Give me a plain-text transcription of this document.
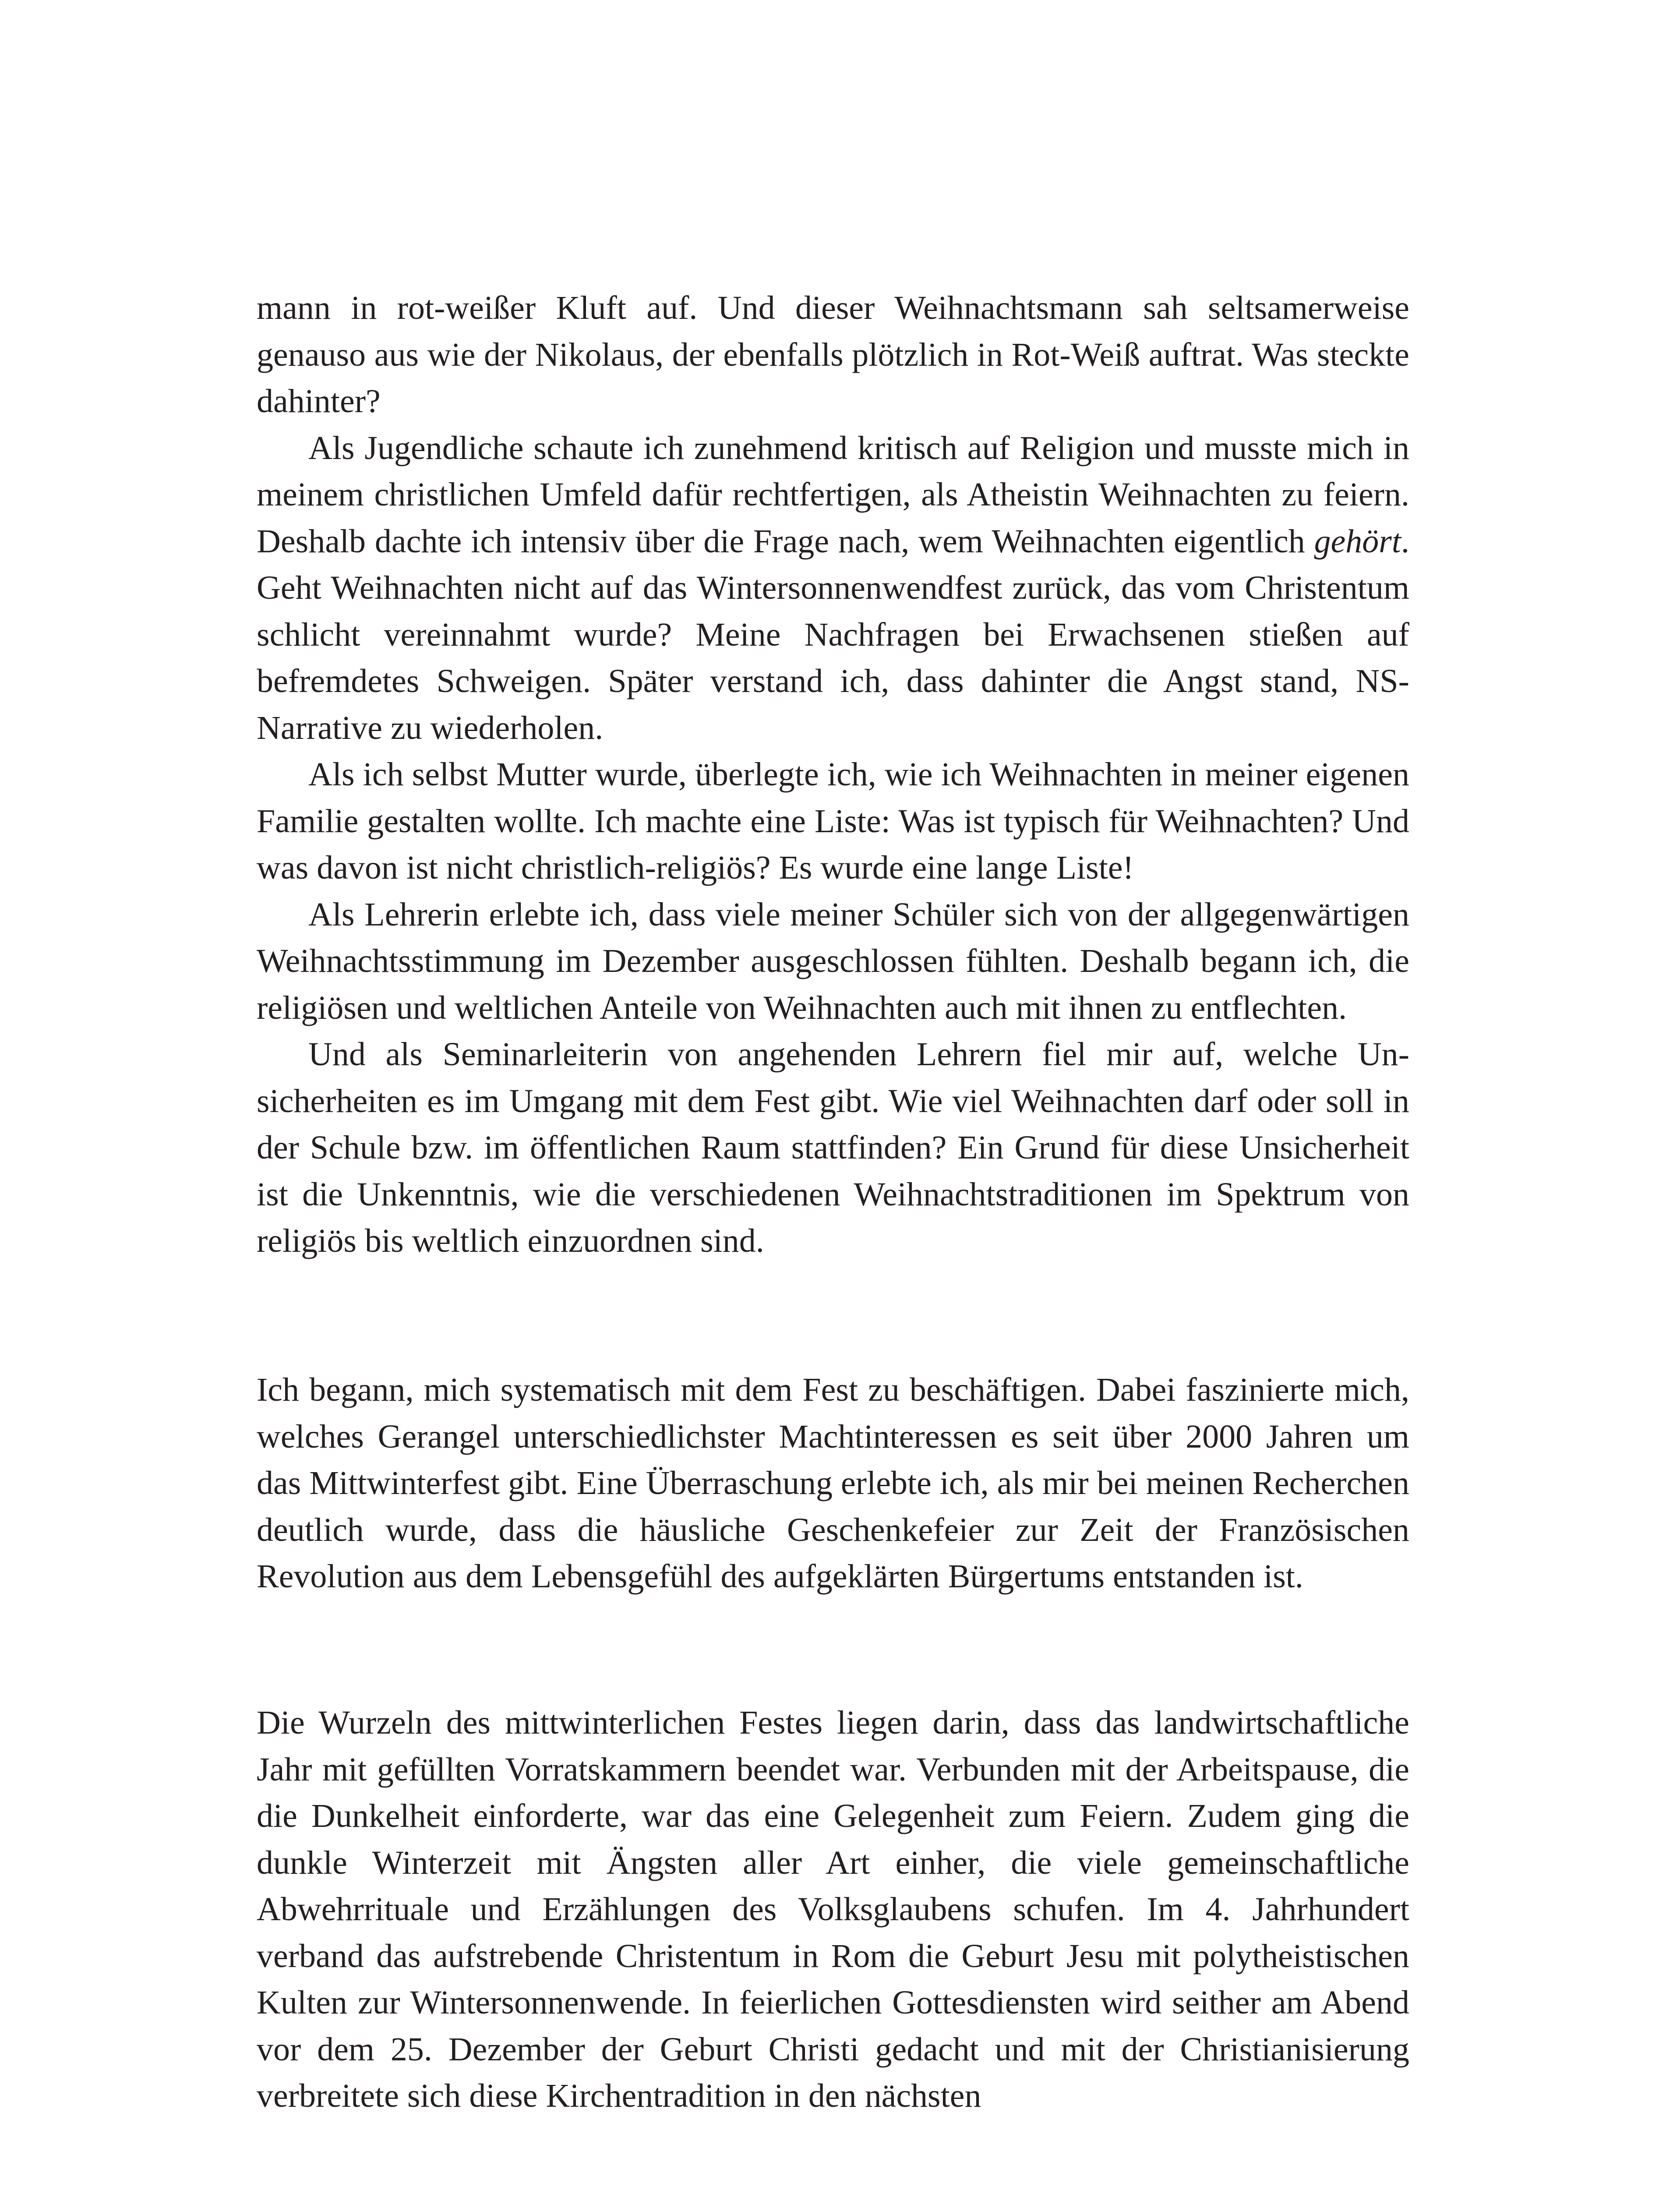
mann in rot-weißer Kluft auf. Und dieser Weihnachtsmann sah seltsamerweise genauso aus wie der Nikolaus, der ebenfalls plötzlich in Rot-Weiß auftrat. Was steckte dahinter?

Als Jugendliche schaute ich zunehmend kritisch auf Religion und musste mich in meinem christlichen Umfeld dafür rechtfertigen, als Atheistin Weihnachten zu feiern. Deshalb dachte ich intensiv über die Frage nach, wem Weihnachten eigentlich gehört. Geht Weihnachten nicht auf das Wintersonnenwendfest zurück, das vom Christentum schlicht vereinnahmt wurde? Meine Nachfragen bei Erwachsenen stießen auf befremdetes Schweigen. Später verstand ich, dass dahinter die Angst stand, NS-Narrative zu wiederholen.

Als ich selbst Mutter wurde, überlegte ich, wie ich Weihnachten in meiner eigenen Familie gestalten wollte. Ich machte eine Liste: Was ist typisch für Weihnachten? Und was davon ist nicht christlich-religiös? Es wurde eine lange Liste!

Als Lehrerin erlebte ich, dass viele meiner Schüler sich von der allgegenwärtigen Weihnachtsstimmung im Dezember ausgeschlossen fühlten. Deshalb begann ich, die religiösen und weltlichen Anteile von Weihnachten auch mit ihnen zu entflechten.

Und als Seminarleiterin von angehenden Lehrern fiel mir auf, welche Unsicherheiten es im Umgang mit dem Fest gibt. Wie viel Weihnachten darf oder soll in der Schule bzw. im öffentlichen Raum stattfinden? Ein Grund für diese Unsicherheit ist die Unkenntnis, wie die verschiedenen Weihnachtstraditionen im Spektrum von religiös bis weltlich einzuordnen sind.

Ich begann, mich systematisch mit dem Fest zu beschäftigen. Dabei faszinierte mich, welches Gerangel unterschiedlichster Machtinteressen es seit über 2000 Jahren um das Mittwinterfest gibt. Eine Überraschung erlebte ich, als mir bei meinen Recherchen deutlich wurde, dass die häusliche Geschenkefeier zur Zeit der Französischen Revolution aus dem Lebensgefühl des aufgeklärten Bürgertums entstanden ist.

Die Wurzeln des mittwinterlichen Festes liegen darin, dass das landwirtschaftliche Jahr mit gefüllten Vorratskammern beendet war. Verbunden mit der Arbeitspause, die die Dunkelheit einforderte, war das eine Gelegenheit zum Feiern. Zudem ging die dunkle Winterzeit mit Ängsten aller Art einher, die viele gemeinschaftliche Abwehrrituale und Erzählungen des Volksglaubens schufen. Im 4. Jahrhundert verband das aufstrebende Christentum in Rom die Geburt Jesu mit polytheistischen Kulten zur Wintersonnenwende. In feierlichen Gottesdiensten wird seither am Abend vor dem 25. Dezember der Geburt Christi gedacht und mit der Christianisierung verbreitete sich diese Kirchentradition in den nächsten
